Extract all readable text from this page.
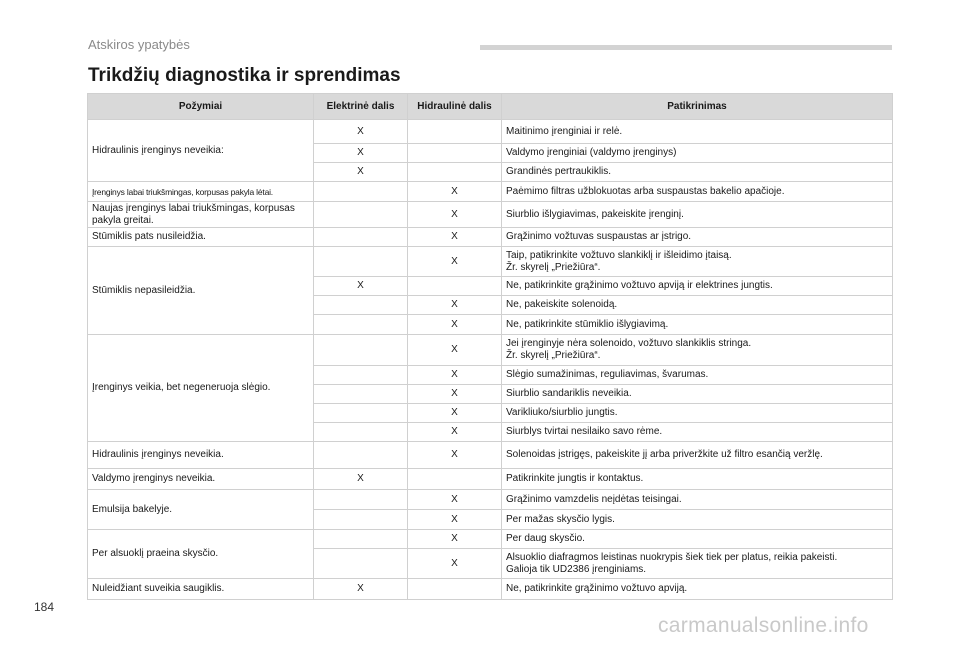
Atskiros ypatybės
Trikdžių diagnostika ir sprendimas
Požymiai	Elektrinė dalis	Hidraulinė dalis	Patikrinimas
Hidraulinis įrenginys neveikia:	X		Maitinimo įrenginiai ir relė.
	X		Valdymo įrenginiai (valdymo įrenginys)
	X		Grandinės pertraukiklis.
Įrenginys labai triukšmingas, korpusas pakyla lėtai.		X	Paėmimo filtras užblokuotas arba suspaustas bakelio apačioje.
Naujas įrenginys labai triukšmingas, korpusas pakyla greitai.		X	Siurblio išlygiavimas, pakeiskite įrenginį.
Stūmiklis pats nusileidžia.		X	Grąžinimo vožtuvas suspaustas ar įstrigo.
Stūmiklis nepasileidžia.		X	Taip, patikrinkite vožtuvo slankiklį ir išleidimo įtaisą.
Žr. skyrelį „Priežiūra“.
	X		Ne, patikrinkite grąžinimo vožtuvo apviją ir elektrines jungtis.
		X	Ne, pakeiskite solenoidą.
		X	Ne, patikrinkite stūmiklio išlygiavimą.
Įrenginys veikia, bet negeneruoja slėgio.		X	Jei įrenginyje nėra solenoido, vožtuvo slankiklis stringa.
Žr. skyrelį „Priežiūra“.
		X	Slėgio sumažinimas, reguliavimas, švarumas.
		X	Siurblio sandariklis neveikia.
		X	Varikliuko/siurblio jungtis.
		X	Siurblys tvirtai nesilaiko savo rėme.
Hidraulinis įrenginys neveikia.		X	Solenoidas įstrigęs, pakeiskite jį arba priveržkite už filtro esančią veržlę.
Valdymo įrenginys neveikia.	X		Patikrinkite jungtis ir kontaktus.
Emulsija bakelyje.		X	Grąžinimo vamzdelis neįdėtas teisingai.
		X	Per mažas skysčio lygis.
Per alsuoklį praeina skysčio.		X	Per daug skysčio.
		X	Alsuoklio diafragmos leistinas nuokrypis šiek tiek per platus, reikia pakeisti.
Galioja tik UD2386 įrenginiams.
Nuleidžiant suveikia saugiklis.	X		Ne, patikrinkite grąžinimo vožtuvo apviją.
184
carmanualsonline.info
